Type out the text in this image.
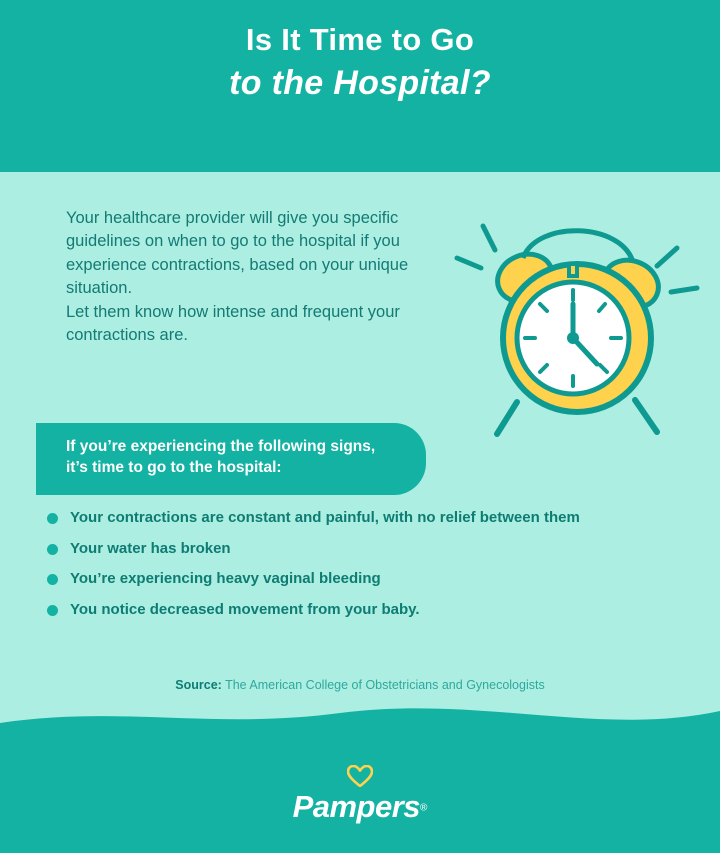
Is It Time to Go
to the Hospital?

Your healthcare provider will give you specific guidelines on when to go to the hospital if you experience contractions, based on your unique situation.

Let them know how intense and frequent your contractions are.

If you’re experiencing the following signs, it’s time to go to the hospital:

Your contractions are constant and painful, with no relief between them
Your water has broken
You’re experiencing heavy vaginal bleeding
You notice decreased movement from your baby.
Source: The American College of Obstetricians and Gynecologists
Pampers®
